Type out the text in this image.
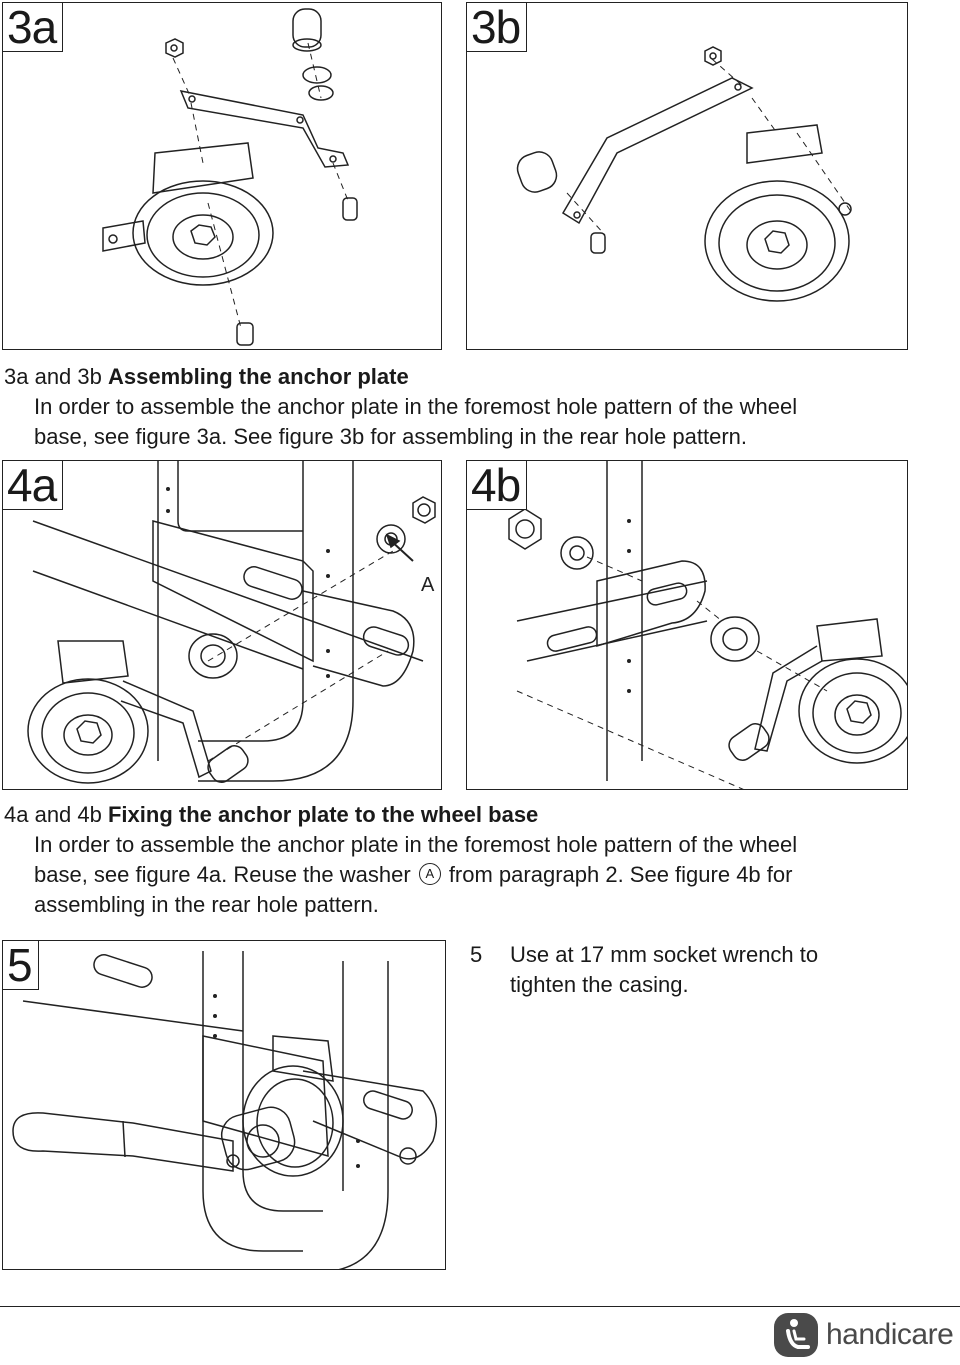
3a	3b
3a and 3b Assembling the anchor plate
In order to assemble the anchor plate in the foremost hole pattern of the wheel
base, see figure 3a. See figure 3b for assembling in the rear hole pattern.
4a
A
4b
4a and 4b Fixing the anchor plate to the wheel base
In order to assemble the anchor plate in the foremost hole pattern of the wheel
base, see figure 4a. Reuse the washer A from paragraph 2. See figure 4b for
assembling in the rear hole pattern.
5	5 Use at 17 mm socket wrench to
tighten the casing.
handicare
